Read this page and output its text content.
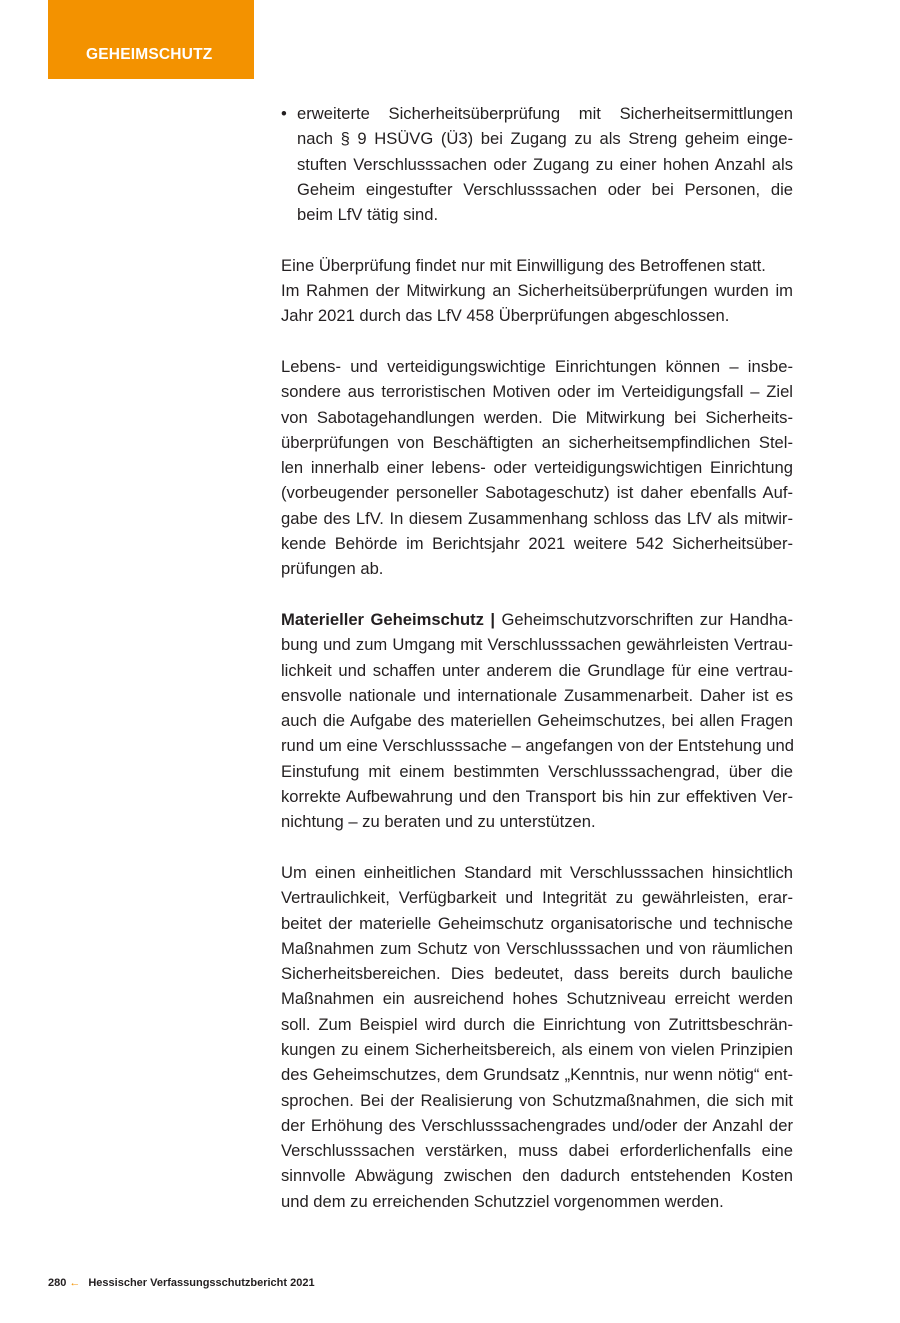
GEHEIMSCHUTZ
• erweiterte Sicherheitsüberprüfung mit Sicherheitsermittlungen
nach § 9 HSÜVG (Ü3) bei Zugang zu als Streng geheim einge-
stuften Verschlusssachen oder Zugang zu einer hohen Anzahl als
Geheim eingestufter Verschlusssachen oder bei Personen, die
beim LfV tätig sind.
Eine Überprüfung findet nur mit Einwilligung des Betroffenen statt.
Im Rahmen der Mitwirkung an Sicherheitsüberprüfungen wurden im
Jahr 2021 durch das LfV 458 Überprüfungen abgeschlossen.
Lebens- und verteidigungswichtige Einrichtungen können – insbe-
sondere aus terroristischen Motiven oder im Verteidigungsfall – Ziel
von Sabotagehandlungen werden. Die Mitwirkung bei Sicherheits-
überprüfungen von Beschäftigten an sicherheitsempfindlichen Stel-
len innerhalb einer lebens- oder verteidigungswichtigen Einrichtung
(vorbeugender personeller Sabotageschutz) ist daher ebenfalls Auf-
gabe des LfV. In diesem Zusammenhang schloss das LfV als mitwir-
kende Behörde im Berichtsjahr 2021 weitere 542 Sicherheitsüber-
prüfungen ab.
Materieller Geheimschutz | Geheimschutzvorschriften zur Handha-
bung und zum Umgang mit Verschlusssachen gewährleisten Vertrau-
lichkeit und schaffen unter anderem die Grundlage für eine vertrau-
ensvolle nationale und internationale Zusammenarbeit. Daher ist es
auch die Aufgabe des materiellen Geheimschutzes, bei allen Fragen
rund um eine Verschlusssache – angefangen von der Entstehung und
Einstufung mit einem bestimmten Verschlusssachengrad, über die
korrekte Aufbewahrung und den Transport bis hin zur effektiven Ver-
nichtung – zu beraten und zu unterstützen.
Um einen einheitlichen Standard mit Verschlusssachen hinsichtlich
Vertraulichkeit, Verfügbarkeit und Integrität zu gewährleisten, erar-
beitet der materielle Geheimschutz organisatorische und technische
Maßnahmen zum Schutz von Verschlusssachen und von räumlichen
Sicherheitsbereichen. Dies bedeutet, dass bereits durch bauliche
Maßnahmen ein ausreichend hohes Schutzniveau erreicht werden
soll. Zum Beispiel wird durch die Einrichtung von Zutrittsbeschrän-
kungen zu einem Sicherheitsbereich, als einem von vielen Prinzipien
des Geheimschutzes, dem Grundsatz „Kenntnis, nur wenn nötig“ ent-
sprochen. Bei der Realisierung von Schutzmaßnahmen, die sich mit
der Erhöhung des Verschlusssachengrades und/oder der Anzahl der
Verschlusssachen verstärken, muss dabei erforderlichenfalls eine
sinnvolle Abwägung zwischen den dadurch entstehenden Kosten
und dem zu erreichenden Schutzziel vorgenommen werden.
280 ← Hessischer Verfassungsschutzbericht 2021
